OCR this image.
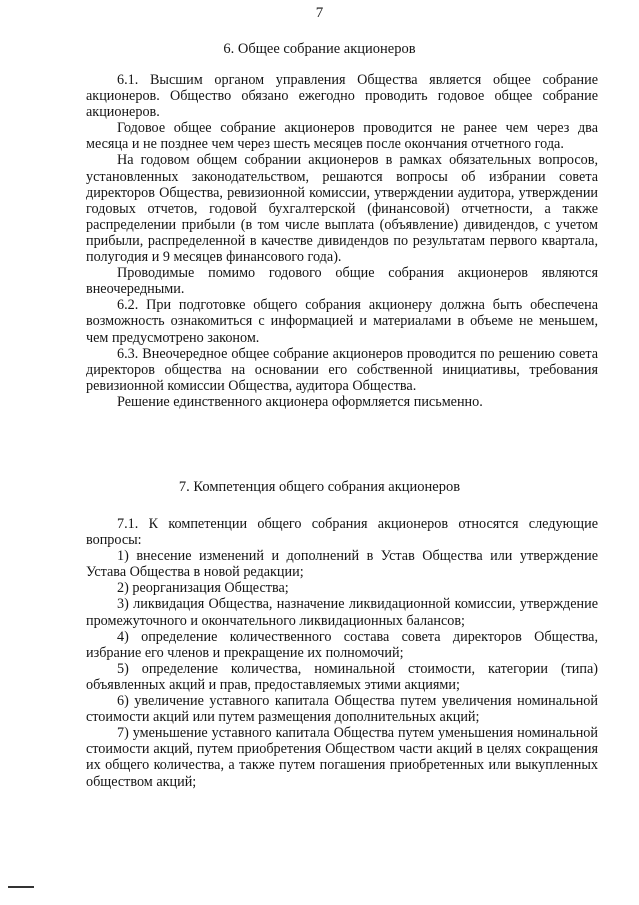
7
6. Общее собрание акционеров

6.1. Высшим органом управления Общества является общее собрание акционеров. Общество обязано ежегодно проводить годовое общее собрание акционеров.

Годовое общее собрание акционеров проводится не ранее чем через два месяца и не позднее чем через шесть месяцев после окончания отчетного года.

На годовом общем собрании акционеров в рамках обязательных вопросов, установленных законодательством, решаются вопросы об избрании совета директоров Общества, ревизионной комиссии, утверждении аудитора, утверждении годовых отчетов, годовой бухгалтерской (финансовой) отчетности, а также распределении прибыли (в том числе выплата (объявление) дивидендов, с учетом прибыли, распределенной в качестве дивидендов по результатам первого квартала, полугодия и 9 месяцев финансового года).

Проводимые помимо годового общие собрания акционеров являются внеочередными.

6.2. При подготовке общего собрания акционеру должна быть обеспечена возможность ознакомиться с информацией и материалами в объеме не меньшем, чем предусмотрено законом.

6.3. Внеочередное общее собрание акционеров проводится по решению совета директоров общества на основании его собственной инициативы, требования ревизионной комиссии Общества, аудитора Общества.

Решение единственного акционера оформляется письменно.

7. Компетенция общего собрания акционеров

7.1. К компетенции общего собрания акционеров относятся следующие вопросы:

1) внесение изменений и дополнений в Устав Общества или утверждение Устава Общества в новой редакции;

2) реорганизация Общества;

3) ликвидация Общества, назначение ликвидационной комиссии, утверждение промежуточного и окончательного ликвидационных балансов;

4) определение количественного состава совета директоров Общества, избрание его членов и прекращение их полномочий;

5) определение количества, номинальной стоимости, категории (типа) объявленных акций и прав, предоставляемых этими акциями;

6) увеличение уставного капитала Общества путем увеличения номинальной стоимости акций или путем размещения дополнительных акций;

7) уменьшение уставного капитала Общества путем уменьшения номинальной стоимости акций, путем приобретения Обществом части акций в целях сокращения их общего количества, а также путем погашения приобретенных или выкупленных обществом акций;
